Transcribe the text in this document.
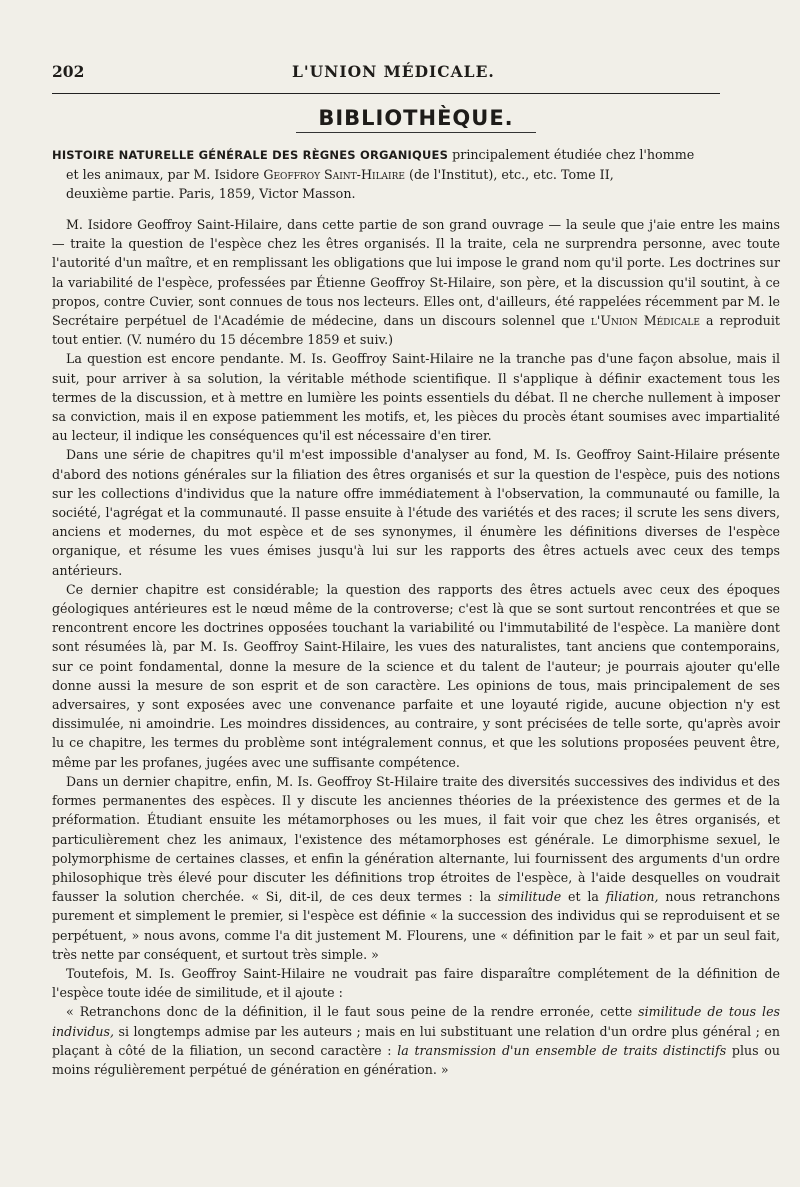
202	L'UNION MÉDICALE.
BIBLIOTHÈQUE.
HISTOIRE NATURELLE GÉNÉRALE DES RÈGNES ORGANIQUES principalement étudiée chez l'homme
et les animaux, par M. Isidore Geoffroy Saint-Hilaire (de l'Institut), etc., etc. Tome II,
deuxième partie. Paris, 1859, Victor Masson.

M. Isidore Geoffroy Saint-Hilaire, dans cette partie de son grand ouvrage — la seule que j'aie entre les mains — traite la question de l'espèce chez les êtres organisés. Il la traite, cela ne surprendra personne, avec toute l'autorité d'un maître, et en remplissant les obligations que lui impose le grand nom qu'il porte. Les doctrines sur la variabilité de l'espèce, professées par Étienne Geoffroy St-Hilaire, son père, et la discussion qu'il soutint, à ce propos, contre Cuvier, sont connues de tous nos lecteurs. Elles ont, d'ailleurs, été rappelées récemment par M. le Secrétaire perpétuel de l'Académie de médecine, dans un discours solennel que l'Union Médicale a reproduit tout entier. (V. numéro du 15 décembre 1859 et suiv.)

La question est encore pendante. M. Is. Geoffroy Saint-Hilaire ne la tranche pas d'une façon absolue, mais il suit, pour arriver à sa solution, la véritable méthode scientifique. Il s'applique à définir exactement tous les termes de la discussion, et à mettre en lumière les points essentiels du débat. Il ne cherche nullement à imposer sa conviction, mais il en expose patiemment les motifs, et, les pièces du procès étant soumises avec impartialité au lecteur, il indique les conséquences qu'il est nécessaire d'en tirer.

Dans une série de chapitres qu'il m'est impossible d'analyser au fond, M. Is. Geoffroy Saint-Hilaire présente d'abord des notions générales sur la filiation des êtres organisés et sur la question de l'espèce, puis des notions sur les collections d'individus que la nature offre immédiatement à l'observation, la communauté ou famille, la société, l'agrégat et la communauté. Il passe ensuite à l'étude des variétés et des races; il scrute les sens divers, anciens et modernes, du mot espèce et de ses synonymes, il énumère les définitions diverses de l'espèce organique, et résume les vues émises jusqu'à lui sur les rapports des êtres actuels avec ceux des temps antérieurs.

Ce dernier chapitre est considérable; la question des rapports des êtres actuels avec ceux des époques géologiques antérieures est le nœud même de la controverse; c'est là que se sont surtout rencontrées et que se rencontrent encore les doctrines opposées touchant la variabilité ou l'immutabilité de l'espèce. La manière dont sont résumées là, par M. Is. Geoffroy Saint-Hilaire, les vues des naturalistes, tant anciens que contemporains, sur ce point fondamental, donne la mesure de la science et du talent de l'auteur; je pourrais ajouter qu'elle donne aussi la mesure de son esprit et de son caractère. Les opinions de tous, mais principalement de ses adversaires, y sont exposées avec une convenance parfaite et une loyauté rigide, aucune objection n'y est dissimulée, ni amoindrie. Les moindres dissidences, au contraire, y sont précisées de telle sorte, qu'après avoir lu ce chapitre, les termes du problème sont intégralement connus, et que les solutions proposées peuvent être, même par les profanes, jugées avec une suffisante compétence.

Dans un dernier chapitre, enfin, M. Is. Geoffroy St-Hilaire traite des diversités successives des individus et des formes permanentes des espèces. Il y discute les anciennes théories de la préexistence des germes et de la préformation. Étudiant ensuite les métamorphoses ou les mues, il fait voir que chez les êtres organisés, et particulièrement chez les animaux, l'existence des métamorphoses est générale. Le dimorphisme sexuel, le polymorphisme de certaines classes, et enfin la génération alternante, lui fournissent des arguments d'un ordre philosophique très élevé pour discuter les définitions trop étroites de l'espèce, à l'aide desquelles on voudrait fausser la solution cherchée. « Si, dit-il, de ces deux termes : la similitude et la filiation, nous retranchons purement et simplement le premier, si l'espèce est définie « la succession des individus qui se reproduisent et se perpétuent, » nous avons, comme l'a dit justement M. Flourens, une « définition par le fait » et par un seul fait, très nette par conséquent, et surtout très simple. »

Toutefois, M. Is. Geoffroy Saint-Hilaire ne voudrait pas faire disparaître complétement de la définition de l'espèce toute idée de similitude, et il ajoute :

« Retranchons donc de la définition, il le faut sous peine de la rendre erronée, cette similitude de tous les individus, si longtemps admise par les auteurs ; mais en lui substituant une relation d'un ordre plus général ; en plaçant à côté de la filiation, un second caractère : la transmission d'un ensemble de traits distinctifs plus ou moins régulièrement perpétué de génération en génération. »
